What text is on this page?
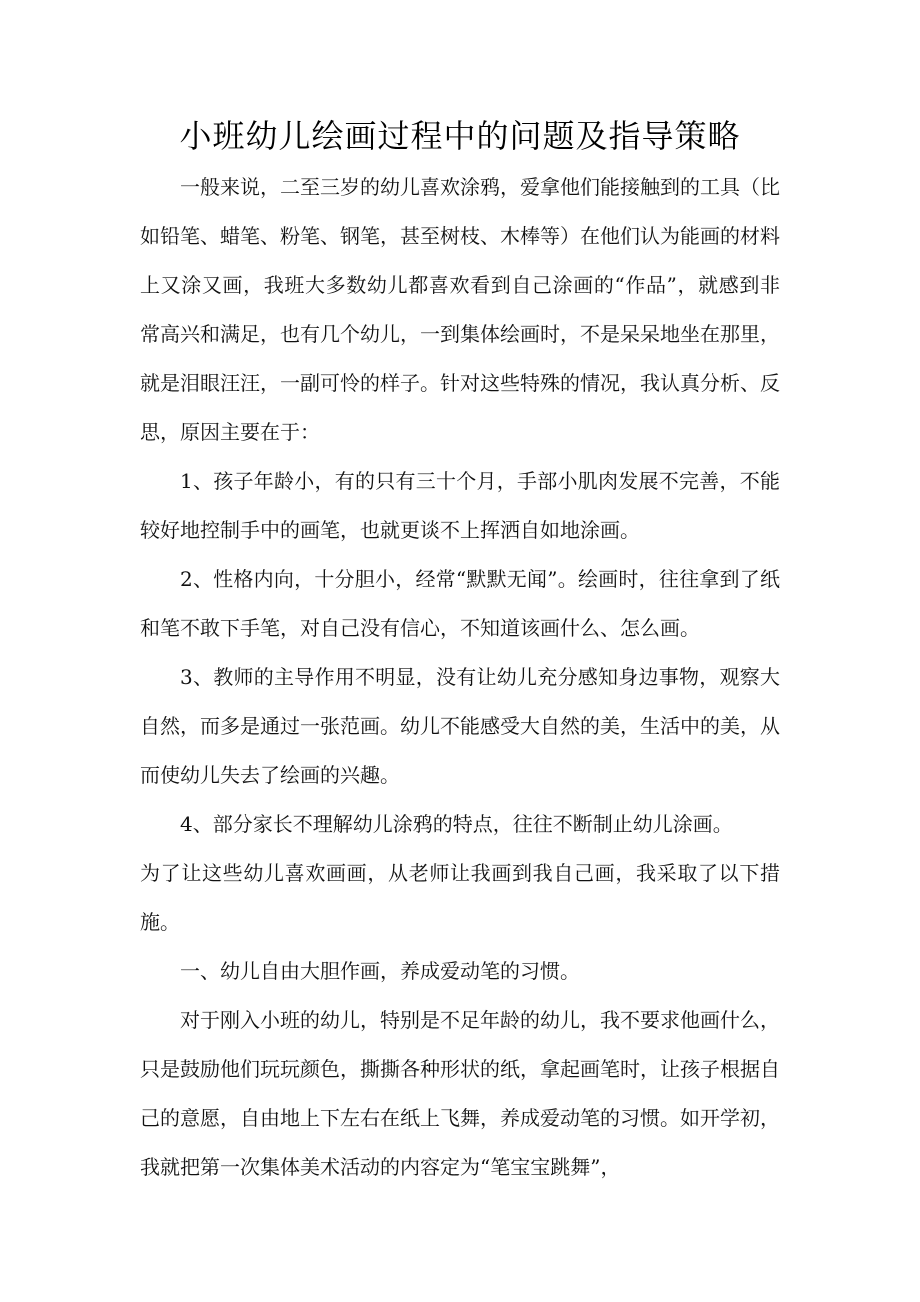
小班幼儿绘画过程中的问题及指导策略

一般来说，二至三岁的幼儿喜欢涂鸦，爱拿他们能接触到的工具（比如铅笔、蜡笔、粉笔、钢笔，甚至树枝、木棒等）在他们认为能画的材料上又涂又画，我班大多数幼儿都喜欢看到自己涂画的“作品”，就感到非常高兴和满足，也有几个幼儿，一到集体绘画时，不是呆呆地坐在那里，就是泪眼汪汪，一副可怜的样子。针对这些特殊的情况，我认真分析、反思，原因主要在于：

1、孩子年龄小，有的只有三十个月，手部小肌肉发展不完善，不能较好地控制手中的画笔，也就更谈不上挥洒自如地涂画。

2、性格内向，十分胆小，经常“默默无闻”。绘画时，往往拿到了纸和笔不敢下手笔，对自己没有信心，不知道该画什么、怎么画。

3、教师的主导作用不明显，没有让幼儿充分感知身边事物，观察大自然，而多是通过一张范画。幼儿不能感受大自然的美，生活中的美，从而使幼儿失去了绘画的兴趣。

4、部分家长不理解幼儿涂鸦的特点，往往不断制止幼儿涂画。

为了让这些幼儿喜欢画画，从老师让我画到我自己画，我采取了以下措施。

一、幼儿自由大胆作画，养成爱动笔的习惯。

对于刚入小班的幼儿，特别是不足年龄的幼儿，我不要求他画什么，只是鼓励他们玩玩颜色，撕撕各种形状的纸，拿起画笔时，让孩子根据自己的意愿，自由地上下左右在纸上飞舞，养成爱动笔的习惯。如开学初，我就把第一次集体美术活动的内容定为“笔宝宝跳舞”，
